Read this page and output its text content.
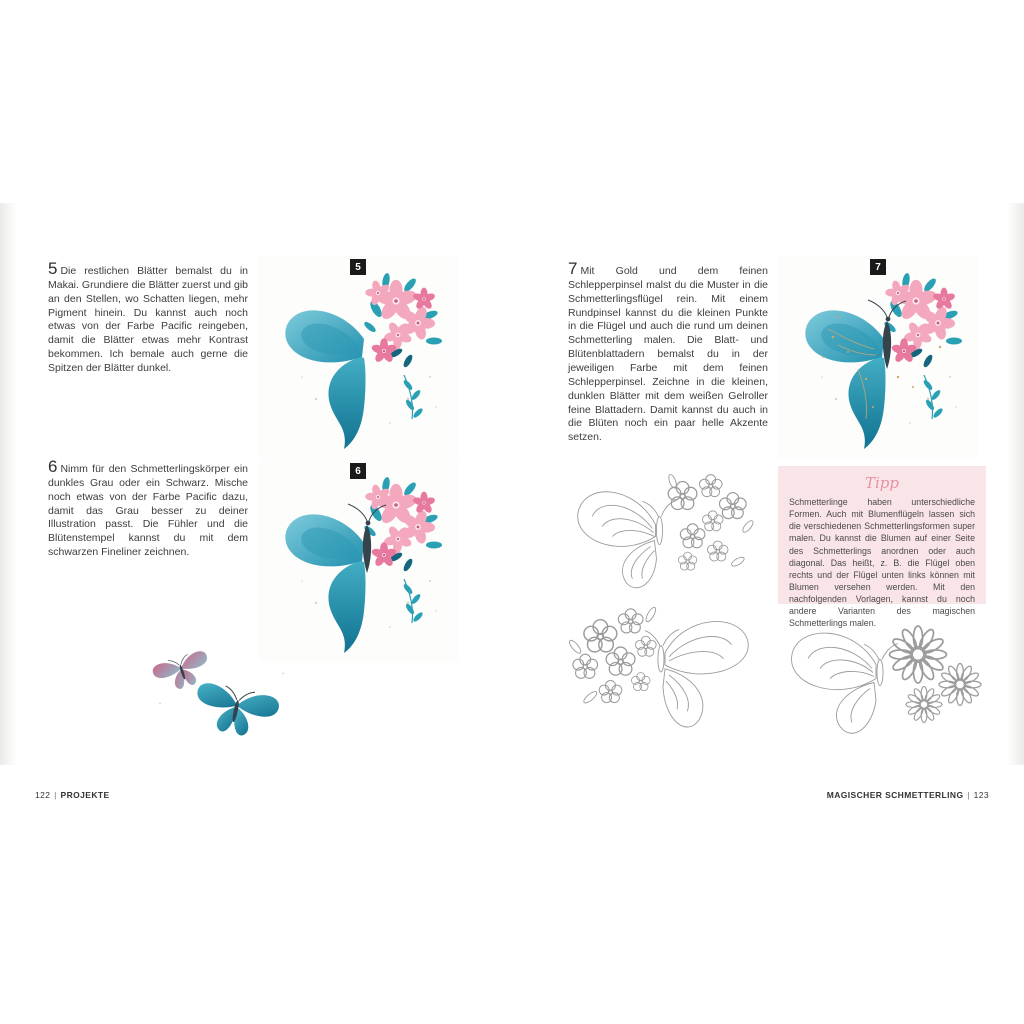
5 Die restlichen Blätter bemalst du in Makai. Grundiere die Blätter zuerst und gib an den Stellen, wo Schatten liegen, mehr Pigment hinein. Du kannst auch noch etwas von der Farbe Pacific reingeben, damit die Blätter etwas mehr Kontrast bekommen. Ich bemale auch gerne die Spitzen der Blätter dunkel.

5

6 Nimm für den Schmetterlingskörper ein dunkles Grau oder ein Schwarz. Mische noch etwas von der Farbe Pacific dazu, damit das Grau besser zu deiner Illustration passt. Die Fühler und die Blütenstempel kannst du mit dem schwarzen Fineliner zeichnen.

6
122 | PROJEKTE

7 Mit Gold und dem feinen Schlepperpinsel malst du die Muster in die Schmetterlingsflügel rein. Mit einem Rundpinsel kannst du die kleinen Punkte in die Flügel und auch die rund um deinen Schmetterling malen. Die Blatt- und Blütenblattadern bemalst du in der jeweiligen Farbe mit dem feinen Schlepperpinsel. Zeichne in die kleinen, dunklen Blätter mit dem weißen Gelroller feine Blattadern. Damit kannst du auch in die Blüten noch ein paar helle Akzente setzen.

7
Tipp
Schmetterlinge haben unterschiedliche Formen. Auch mit Blumenflügeln lassen sich die verschiedenen Schmetterlingsformen super malen. Du kannst die Blumen auf einer Seite des Schmetterlings anordnen oder auch diagonal. Das heißt, z. B. die Flügel oben rechts und der Flügel unten links können mit Blumen versehen werden. Mit den nachfolgenden Vorlagen, kannst du noch andere Varianten des magischen Schmetterlings malen.
MAGISCHER SCHMETTERLING | 123
